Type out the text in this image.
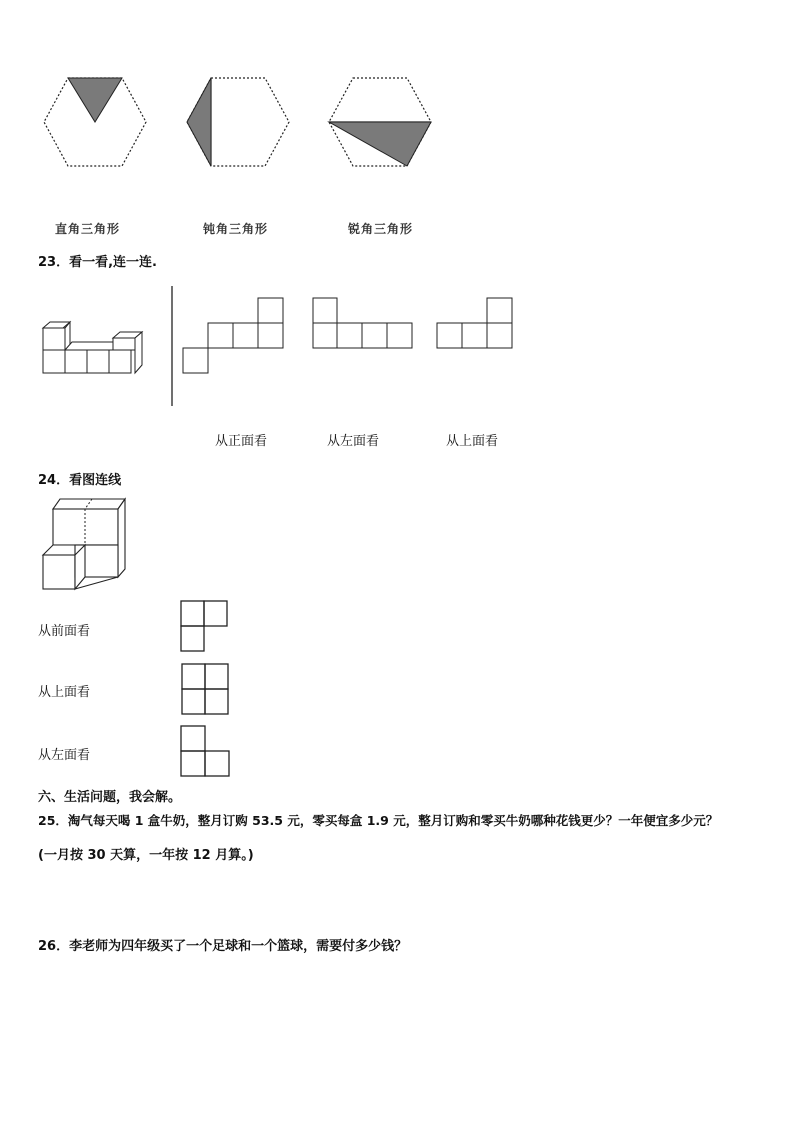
直角三角形	钝角三角形	锐角三角形
23．看一看,连一连.
从正面看	从左面看	从上面看
24．看图连线
从前面看
从上面看
从左面看
六、生活问题，我会解。
25．淘气每天喝 1 盒牛奶，整月订购 53.5 元，零买每盒 1.9 元，整月订购和零买牛奶哪种花钱更少？一年便宜多少元？
(一月按 30 天算，一年按 12 月算。)
26．李老师为四年级买了一个足球和一个篮球，需要付多少钱？
